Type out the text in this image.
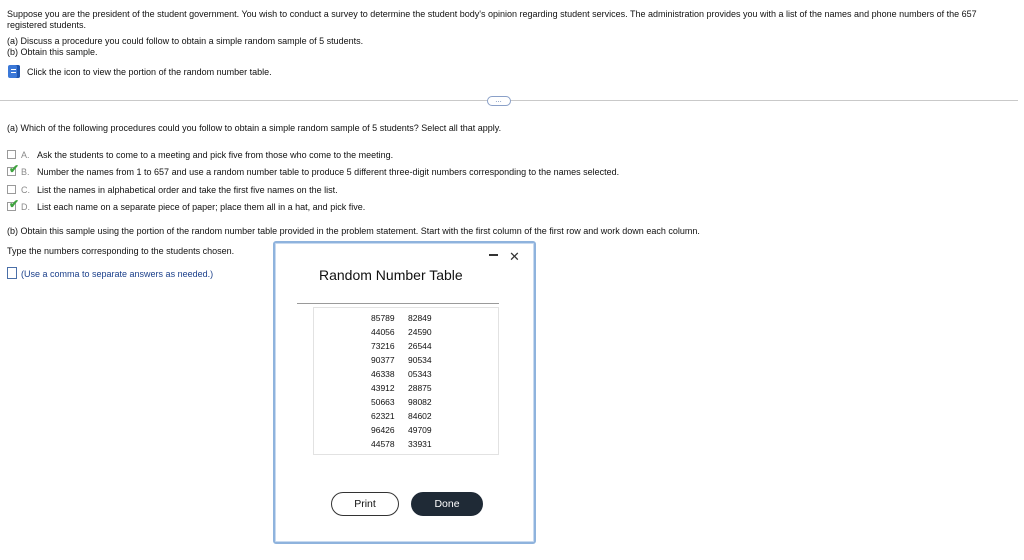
Suppose you are the president of the student government. You wish to conduct a survey to determine the student body's opinion regarding student services. The administration provides you with a list of the names and phone numbers of the 657 registered students.
(a) Discuss a procedure you could follow to obtain a simple random sample of 5 students.
(b) Obtain this sample.
Click the icon to view the portion of the random number table.
…
(a) Which of the following procedures could you follow to obtain a simple random sample of 5 students? Select all that apply.
A. Ask the students to come to a meeting and pick five from those who come to the meeting.
✔ B. Number the names from 1 to 657 and use a random number table to produce 5 different three-digit numbers corresponding to the names selected.
C. List the names in alphabetical order and take the first five names on the list.
✔ D. List each name on a separate piece of paper; place them all in a hat, and pick five.
(b) Obtain this sample using the portion of the random number table provided in the problem statement. Start with the first column of the first row and work down each column.
Type the numbers corresponding to the students chosen.
(Use a comma to separate answers as needed.)
✕
Random Number Table
85789 82849
44056 24590
73216 26544
90377 90534
46338 05343
43912 28875
50663 98082
62321 84602
96426 49709
44578 33931
Print	Done
